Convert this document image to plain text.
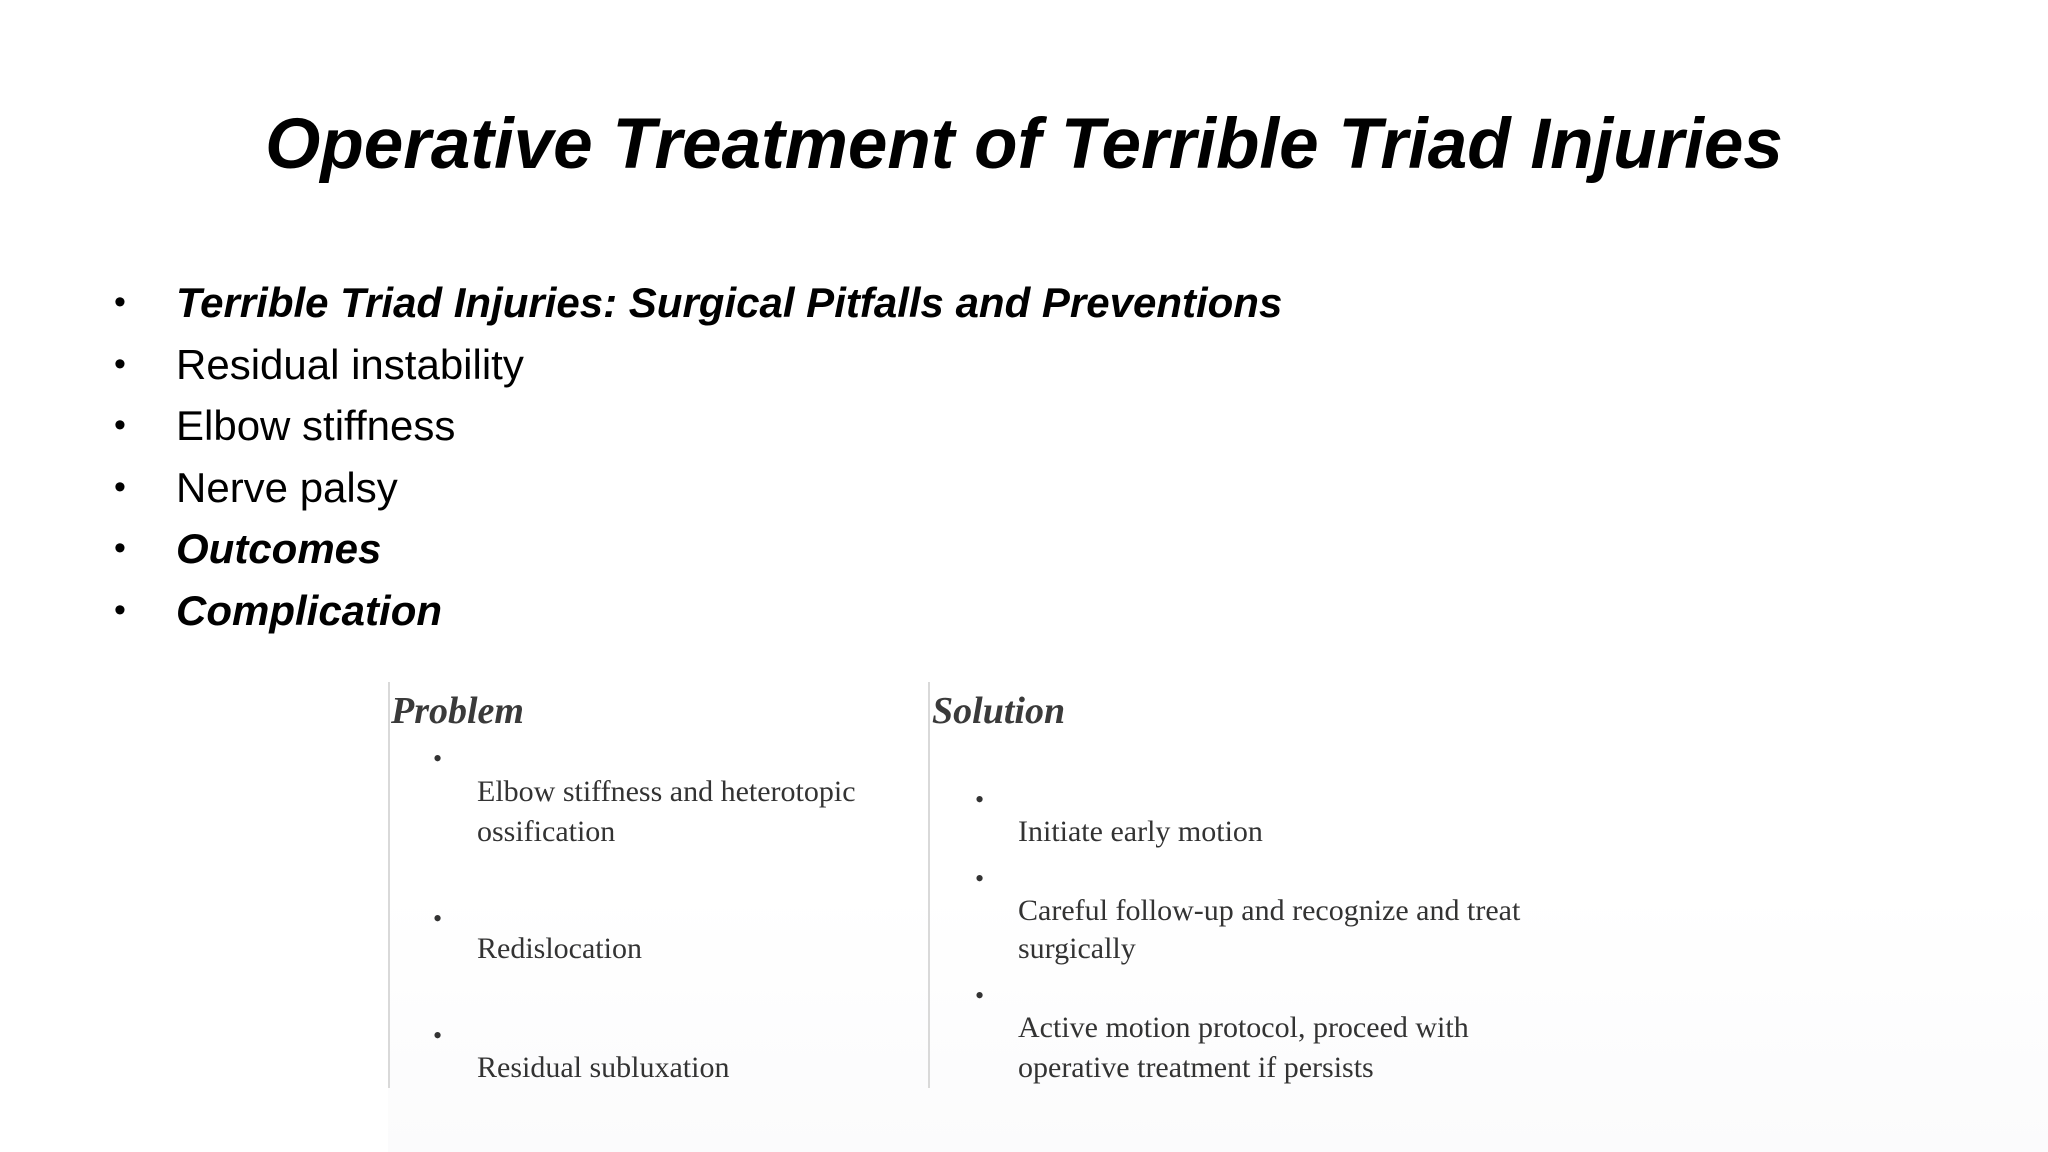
Operative Treatment of Terrible Triad Injuries
• Terrible Triad Injuries: Surgical Pitfalls and Preventions
• Residual instability
• Elbow stiffness
• Nerve palsy
• Outcomes
• Complication
Problem	Solution
•
Elbow stiffness and heterotopic
ossification
•
Redislocation
•
Residual subluxation
•
Initiate early motion
•
Careful follow-up and recognize and treat
surgically
•
Active motion protocol, proceed with
operative treatment if persists
